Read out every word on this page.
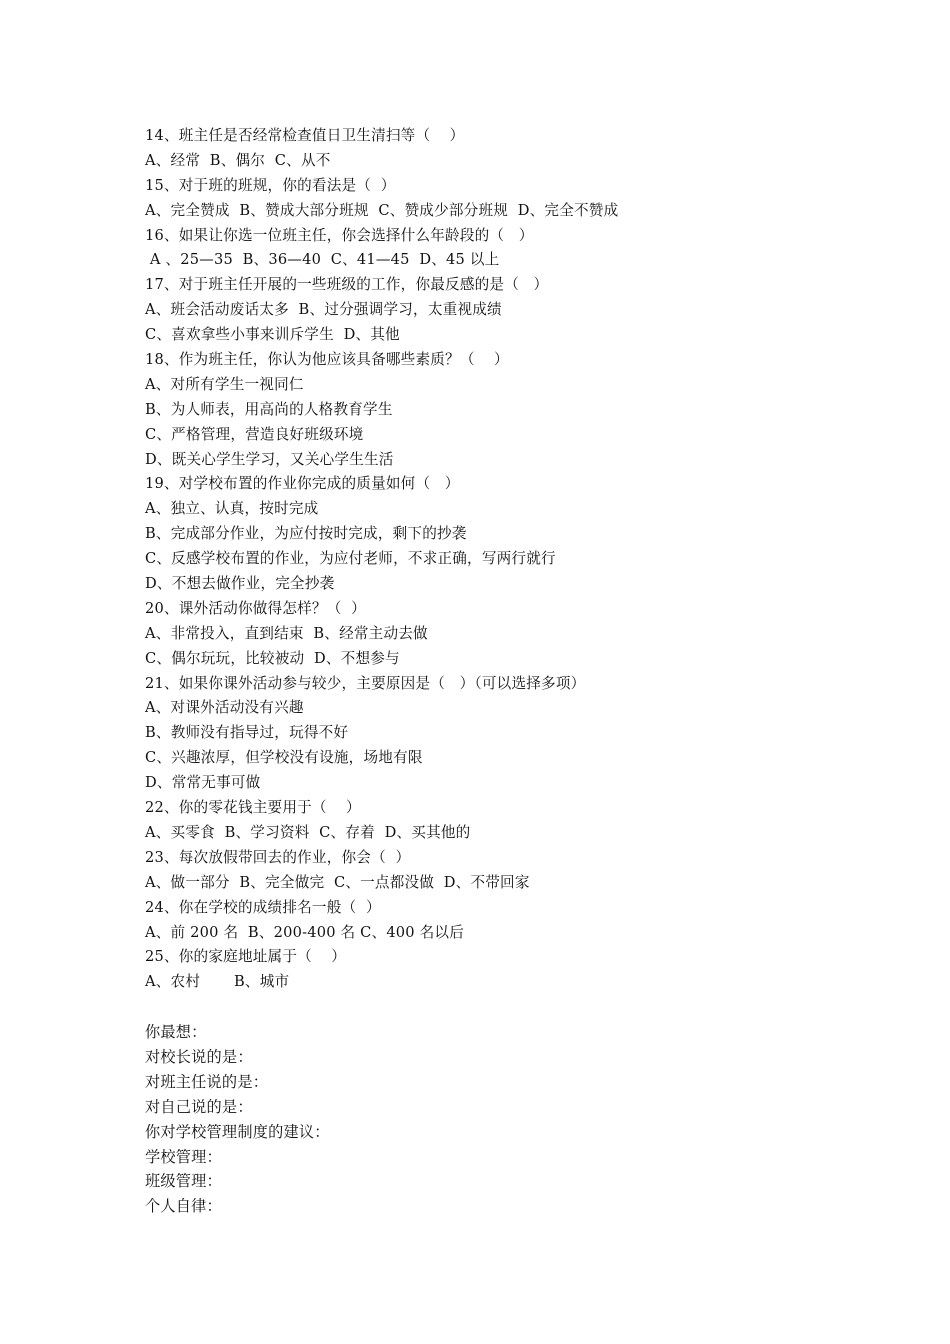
14、班主任是否经常检查值日卫生清扫等（    ）
A、经常  B、偶尔  C、从不
15、对于班的班规，你的看法是（  ）
A、完全赞成  B、赞成大部分班规  C、赞成少部分班规  D、完全不赞成
16、如果让你选一位班主任，你会选择什么年龄段的（   ）
A 、25—35  B、36—40  C、41—45  D、45 以上
17、对于班主任开展的一些班级的工作，你最反感的是（   ）
A、班会活动废话太多  B、过分强调学习，太重视成绩
C、喜欢拿些小事来训斥学生  D、其他
18、作为班主任，你认为他应该具备哪些素质？（    ）
A、对所有学生一视同仁
B、为人师表，用高尚的人格教育学生
C、严格管理，营造良好班级环境
D、既关心学生学习，又关心学生生活
19、对学校布置的作业你完成的质量如何（   ）
A、独立、认真，按时完成
B、完成部分作业，为应付按时完成，剩下的抄袭
C、反感学校布置的作业，为应付老师，不求正确，写两行就行
D、不想去做作业，完全抄袭
20、课外活动你做得怎样？（  ）
A、非常投入，直到结束  B、经常主动去做
C、偶尔玩玩，比较被动  D、不想参与
21、如果你课外活动参与较少，主要原因是（   ）（可以选择多项）
A、对课外活动没有兴趣
B、教师没有指导过，玩得不好
C、兴趣浓厚，但学校没有设施，场地有限
D、常常无事可做
22、你的零花钱主要用于（    ）
A、买零食  B、学习资料  C、存着  D、买其他的
23、每次放假带回去的作业，你会（  ）
A、做一部分  B、完全做完  C、一点都没做  D、不带回家
24、你在学校的成绩排名一般（  ）
A、前 200 名  B、200-400 名 C、400 名以后
25、你的家庭地址属于（    ）
A、农村       B、城市
你最想：
对校长说的是：
对班主任说的是：
对自己说的是：
你对学校管理制度的建议：
学校管理：
班级管理：
个人自律：
